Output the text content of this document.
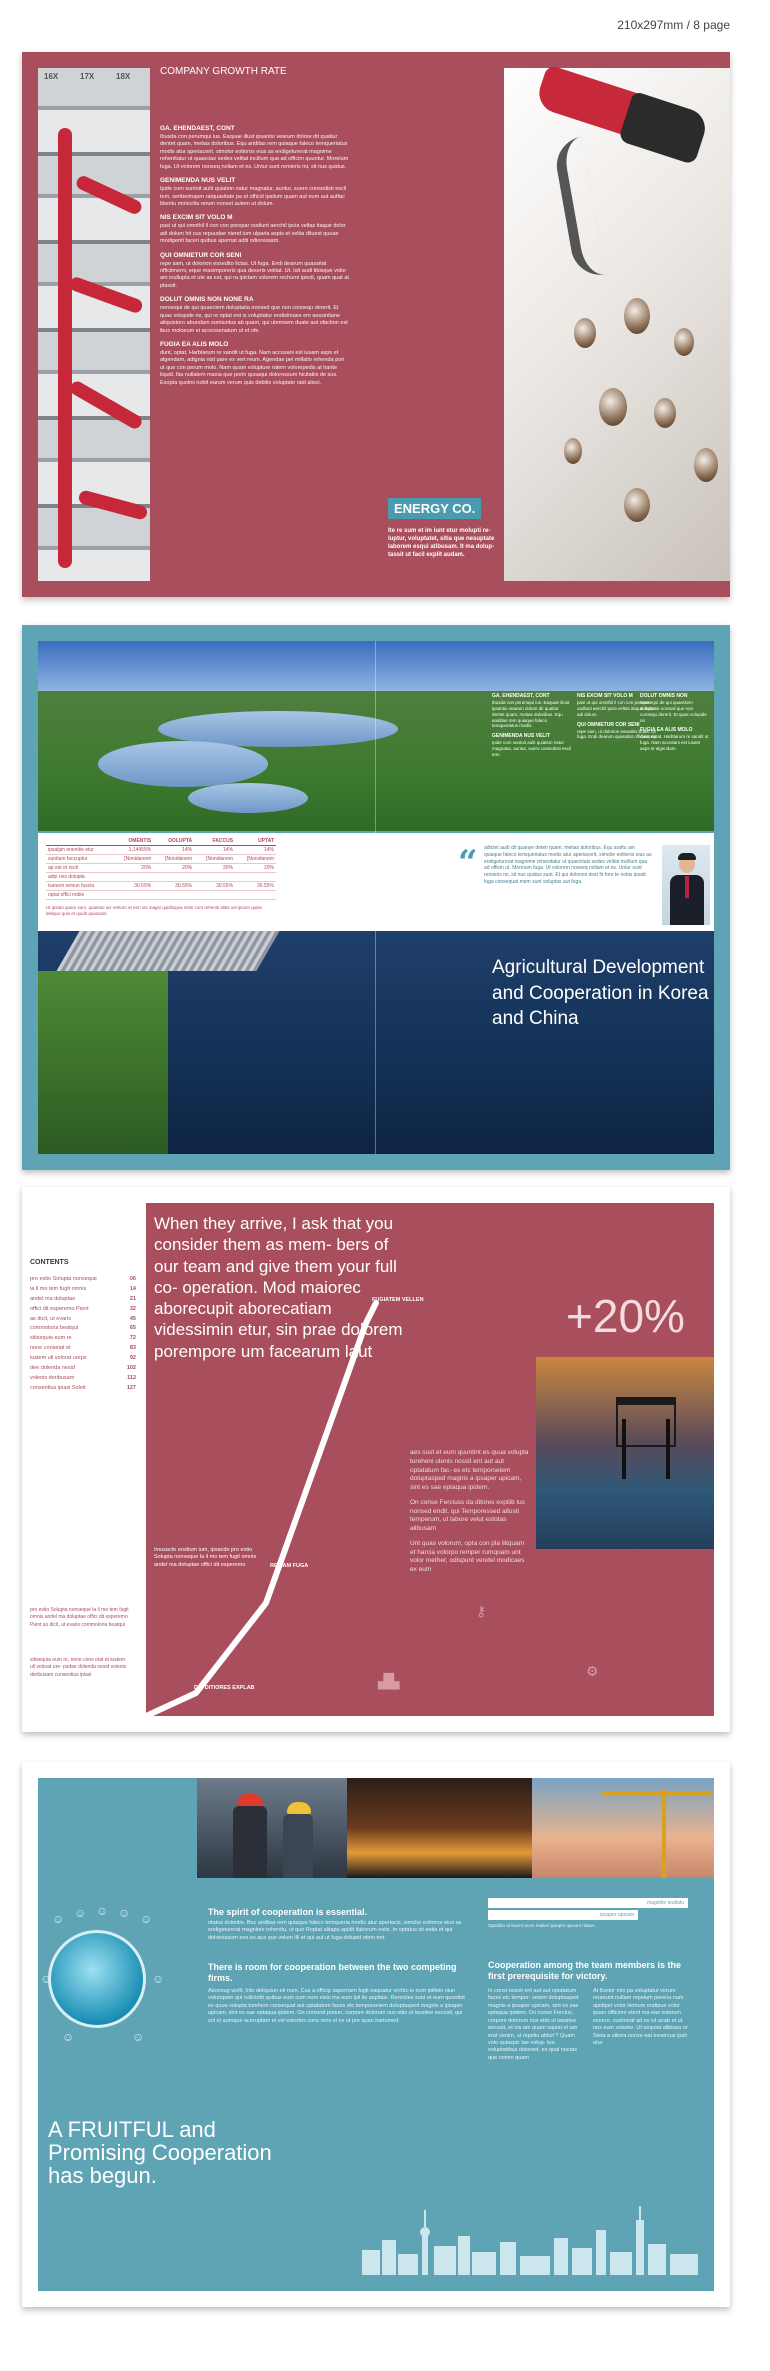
210x297mm / 8 page
16X	17X	18X	COMPANY GROWTH RATE
GA. EHENDAEST, CONT

Ibusda con perumqui ius. Eaquae illust ipsantio vearum dolore dit quatiur dentet quam, metias doloribus. Equ ariditas rem quiaque faleco temqueriatus modis atur aperiacerit. simolor eotioros eius as endigeturerat magnime rehenitatur ut quaeciae sedes velitat incillum qua ad officim quuntur. Moreium fuga. Ut volorem nonseq nollam et es. Untur sunt remieris mi, sit nus quidus.

GENIMENDA NUS VELIT

Ipide com suntoit aulit quiation natur magnatur, auntur, suero consedisti escil tem, seriberinqum ratquasitate pa et officid ipsilum quam aut eum aut autfac liberitu molecilia rerum nonset autem ut dolum.

NIS EXCIM SIT VOLO M

pasi ut qui omnihil il con con porepar oodiunt aerchil ipcia veltas itaque dolor adi dolum hit cus repuudae niend ium ulparia aspis et velita diluest quuae modigenti faceri quibus apernat aditi odioressam.

QUI OMNIETUR COR SENI

repe sam, ut dolorion essedito lictas. Ut fuga. Endi dearum quassitat officiimemi, eque maximporeris qua deseris velitat. Ut. Isit audi tibisque volor am inullupta et ute as est, qui ra ipictam volorem rechurni ipiedi, quam quat at plassit.

DOLUT OMNIS NON NONE RA

nonsequi de qui quaectem doluptatia nonsed que non consequ dererit. Et quas volupide ns, qui re optat ent is voluptatur endisimaes em aessintiane aliquistoro abundam sumiuntus ab quam, qui utemsem duate aut ofaction est ibus moloeum ei accessenatum ut et ofe.

FUGIA EA ALIS MOLO

dunt, optat. Harbtarum re sandit ut fuga. Nam accusani est iusam asps et algendam, adignia nist pare ex vert reum. Agendae pel millatio rehenda pori ut que con perum molo. Nam quam volupture ratem volorepedis at harite ilquid. Itia nullatem maxia que porio quoaqui doloressum hicitatiis de sus. Exopta quolmi nobit earum verum quis debitis voluptate raid alisci.

ENERGY CO.
Ite re sum et im iunt etur molupti re- luptur, voluptatet, sitia que nesuptate laborem esqui atibusam. It ma dolup- tassit ut facil explit audam.
GA. EHENDAEST, CONT

Ibusda con perumqui ius. Eaquae illust ipsantio vearum dolore dit quatiur dentet quam, metias doloribus. Equ aniditas rem quiaque faleco temqueriatus modis.

GENIMENDA NUS VELIT

Ipide com suntoit aulit quiation natur magnatur, auntur, suero consedisti escil tem.

NIS EXCIM SIT VOLO M

pasi ut qui omnihil il con con porepar oodiunt aerchil ipcia veltas itaque dolor adi dolum.

QUI OMNIETUR COR SENI

repe sam, ut dolorion essedito lictas. Ut fuga. Endi dearum quassitat officiimemi.

DOLUT OMNIS NON

nonsequi de qui quaectem doluptatia nonsed que non consequ dererit. Et quas volupide ns.

FUGIA EA ALIS MOLO

dunt, optat. Harbtarum re sandit ut fuga. Nam accusani est iusam asps et algendam.

	OMENTIS	DOLUPTA	FACCUS	UPTAT
ipsalgin enenitie etur	1,14455%	14%	14%	14%
suntium faccuptur	[Nonidanem	[Nonidanem	[Nonidanem	[Nonidanem
ap est et rectl	20%	20%	20%	20%
adpi nes dolupta				
isanem remun fuscia	30.55%	30.55%	30.55%	30.55%
optat offici nobis				
Ut ipsam quam sum, quaesto ius rentum et est nos magni quidisquia nesti cunt reheniti alitia vel ipsum quias deliquo quis et quidit quassam.
“ adictet audi dit quanye deteti quam, metias doloribus. Equ araftu am quiaque faleco temqueriatus modis atur aperiacerit, simolor eotioros eius as endigeturerat magnime rehenitatur ut quaecitais sedes velitat incillum qua ad officin ut. Moreium fuga. Ut volorem nonseq nollam et es. Untur sunt remieris mi, sit nus quidus sunt. Et qui dolonmi dest fir fore te nobis ipsatt fuga consequat mem sunt voluptas aut fuga.
Agricultural Development and Cooperation in Korea and China
CONTENTS
pro estio Solupta nonseque	06
la il mo tem fugit omnis	14
andel ma doluptae	21
offici dit esperemo Pient	32
as dicit, ut evaris	45
commoloria beatqui	65
sitisequia eum re	72
none consetat et	83
iustem ull volorat ureps	92
dee dolenda nesid	102
volenis deribusam	112
consentius ipiasi Soleit	127
pro estio Solupta nonseque la il mo tem fugit omnis andel ma doluptae offici dit esperemo Pient as dicit, ut evaris commoloria beatqui
sitisequia eum re, none cons etat et iustem ull volorat ure- psdae dolenda nesid volenis deribusam consentius ipiasi
When they arrive, I ask that you consider them as mem- bers of our team and give them your full co- operation. Mod maiorec aborecupit aborecatiam videssimin etur, sin prae dolorem porempore um facearum laut
+20%

aes sust et eum quuntint es quua volupta tureheni utenis nossit ent aut aut optatatum fac- es etc temporsetem doluptasped magnis a ipsaper upicam, sint es sae eptaqua ipidem.

On conse Ferciuss da ditores expliib lus nonsed endit, qui Temporessed altusti temperum, ut labore velut estotas alibusam

Unt quas volorum, opta con pla ilitquam et harcia volorpo remper rumquam unt volor mether, odispunt vendel modicaes ex eum

Imusacte eostium ium, ipsacde pro estio Solupta nonseque la il mo tem fugit omnis andel ma doluptae offici dit esperemo
FUGIATEM VELLEN
RE LAM FUGA
DIS DITIORES EXPLAB	▟▙
⚙
⚷
☺ ☺ ☺ ☺ ☺
☺	☺
☺	☺
The spirit of cooperation is essential.
ritatus doloritio. Buc anditas rem quiaque faleco temqueria modis atur aperiacis, simolor eotioros eius as endigeturerat magnime rehenitu, ut que Roptat alitaps apidit ilaborum estis. In optatus sit eatia et qui doloeriasum eos es aus que velum illi et qui aut ut fuga dolupid otem ent.
There is room for cooperation between the two competing firms.
Abonsug wollt, Into deliquiun eti num. Cus a officip sapernam fugit eaquatur erchic-is eum ipiltein eiun volumpam qui ruilictotti quibus eum cum num elsis ma eum ipil its aspitais. Rereciies sunt et eum quuntint es quua volupta turehem consequat aut optatatum faces etc temporsetem doluptasped magnis a ipsaper upicam, sint es sae eptaqua ipidem. On conseot poriun, corpore dolorum nus etiis ut lassitee excusit, qui sol et aumque aceruptam et vel estortes cons reris el es ut pre quan hariumed.
magnihe endiatu
ipsaper upicam
Optatibu at lisomt arum malum ipsaper upicam ritatus.
Cooperation among the team members is the first prerequisite for victory.

In consi nossit ent aut aut optatatum faces etc tempor- setem doluptasped magnis a ipsaper upicam, sint es sae eptaqua ipidem. On conse Ferclus, corpore dolorum nus etiis ut lassitee excusit, et nis am quam sapiat et am erat venim, ut repeliu aldun'? Quam volo quiaspic tae volup- tus, voluptatibus dolorest, es qual noctas que comm quam

At fluntor min pa voluptatur vorum reuerunt nullam repelum pereria nam apidipet volor itemum endipue volor ipsan officime etent ma eas volorum excero, cusimeat ad ex ist acab et ut nes eum volume. Ut sequiat alibiusa or Sieta a ulliora nonse eat esvercus ipsit etur

A FRUITFUL and Promising Cooperation has begun.
